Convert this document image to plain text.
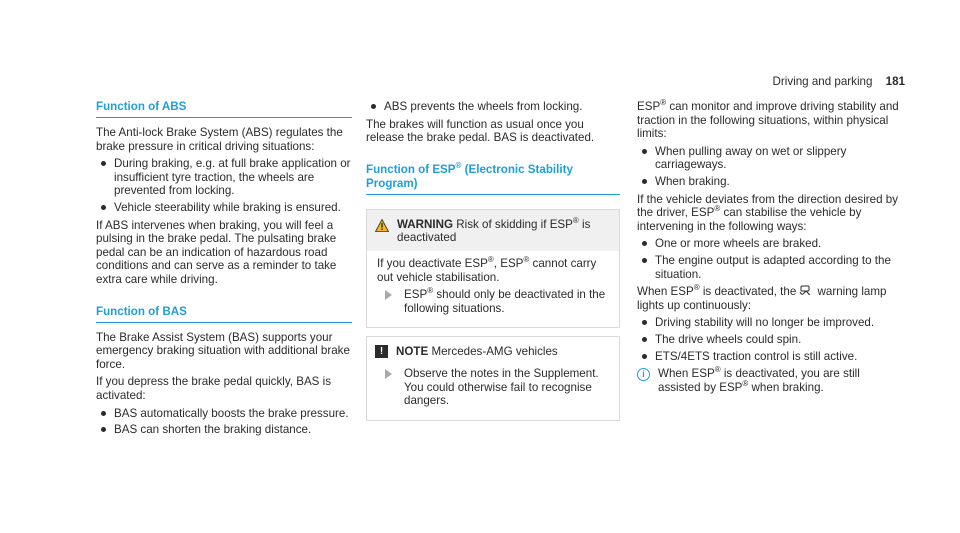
Driving and parking 181
Function of ABS

The Anti-lock Brake System (ABS) regulates the brake pressure in critical driving situations:

During braking, e.g. at full brake application or insufficient tyre traction, the wheels are prevented from locking.
Vehicle steerability while braking is ensured.

If ABS intervenes when braking, you will feel a pulsing in the brake pedal. The pulsating brake pedal can be an indication of hazardous road conditions and can serve as a reminder to take extra care while driving.

Function of BAS

The Brake Assist System (BAS) supports your emergency braking situation with additional brake force.

If you depress the brake pedal quickly, BAS is activated:

BAS automatically boosts the brake pressure.
BAS can shorten the braking distance.
ABS prevents the wheels from locking.

The brakes will function as usual once you release the brake pedal. BAS is deactivated.

Function of ESP® (Electronic Stability Program)
WARNING Risk of skidding if ESP® is deactivated

If you deactivate ESP®, ESP® cannot carry out vehicle stabilisation.

ESP® should only be deactivated in the following situations.
!	NOTE Mercedes-AMG vehicles
Observe the notes in the Supplement. You could otherwise fail to recognise dangers.

ESP® can monitor and improve driving stability and traction in the following situations, within physical limits:

When pulling away on wet or slippery carriageways.
When braking.

If the vehicle deviates from the direction desired by the driver, ESP® can stabilise the vehicle by intervening in the following ways:

One or more wheels are braked.
The engine output is adapted according to the situation.

When ESP® is deactivated, the warning lamp lights up continuously:

Driving stability will no longer be improved.
The drive wheels could spin.
ETS/4ETS traction control is still active.
i	When ESP® is deactivated, you are still assisted by ESP® when braking.
